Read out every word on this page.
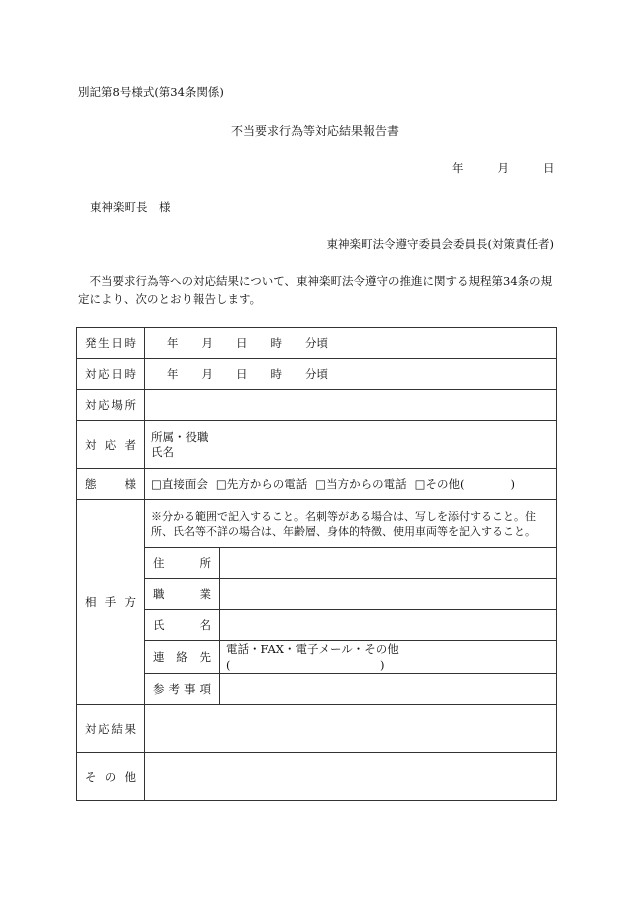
別記第8号様式(第34条関係)
不当要求行為等対応結果報告書
年	月	日
東神楽町長　様
東神楽町法令遵守委員会委員長(対策責任者)
不当要求行為等への対応結果について、東神楽町法令遵守の推進に関する規程第34条の規定により、次のとおり報告します。
発生日時	年　　月　　日　　時　　分頃	
対応日時	年　　月　　日　　時　　分頃	
対応場所		
対応者	所属・役職
氏名	

態様	□直接面会 □先方からの電話 □当方からの電話 □その他(　　　　)	
相手方	※分かる範囲で記入すること。名刺等がある場合は、写しを添付すること。住所、氏名等不詳の場合は、年齢層、身体的特徴、使用車両等を記入すること。	
	住所	
	職業	
	氏名	
	連絡先	電話・FAX・電子メール・その他(　　　　　　　　　　　　　)
	参考事項	
対応結果		
その他		
